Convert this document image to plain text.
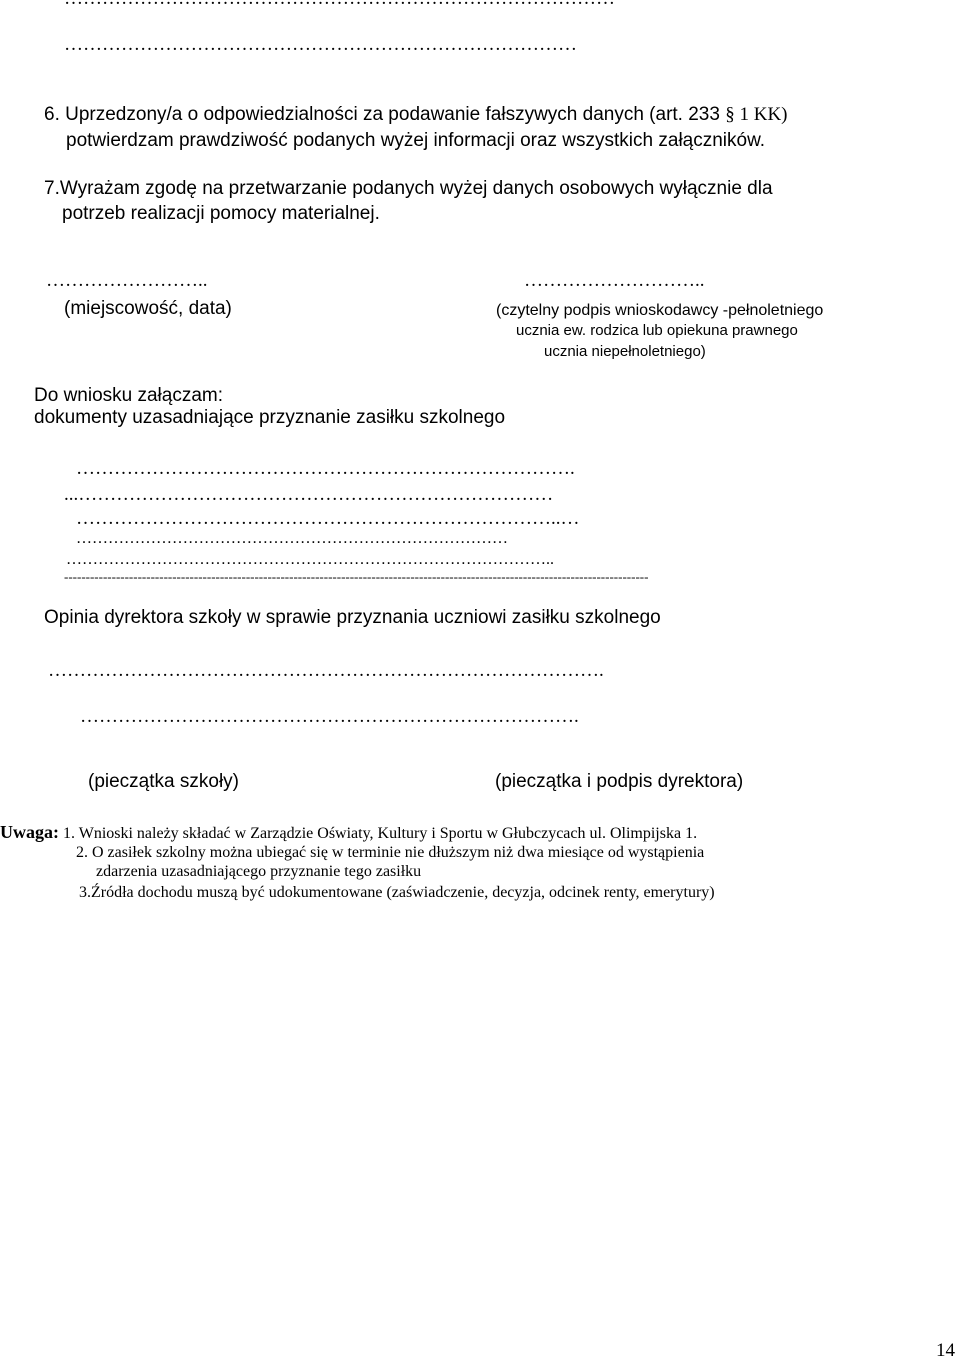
………………………………………………………………………
6. Uprzedzony/a o odpowiedzialności za podawanie fałszywych danych (art. 233 § 1 KK)
potwierdzam prawdziwość podanych wyżej informacji oraz wszystkich załączników.
7.Wyrażam zgodę na przetwarzanie podanych wyżej danych osobowych wyłącznie dla
potrzeb realizacji pomocy materialnej.
……………………..
(miejscowość, data)
………………………..
(czytelny podpis wnioskodawcy -pełnoletniego
ucznia ew. rodzica lub opiekuna prawnego
ucznia niepełnoletniego)
Do wniosku załączam:
dokumenty uzasadniające przyznanie zasiłku szkolnego
…………………………………………………………………….
...…………………………………………………………………
…………………………………………………………………..…
………………………………………………………………………
………………………………………………………………………………..
---------------------------------------------------------------------------------------------------------------------------------------
Opinia dyrektora szkoły w sprawie przyznania uczniowi zasiłku szkolnego
…………………………………………………………………………….
…………………………………………………………………….
(pieczątka szkoły)	(pieczątka i podpis dyrektora)
Uwaga: 1. Wnioski należy składać w Zarządzie Oświaty, Kultury i Sportu w Głubczycach ul. Olimpijska 1.
2. O zasiłek szkolny można ubiegać się w terminie nie dłuższym niż dwa miesiące od wystąpienia
zdarzenia uzasadniającego przyznanie tego zasiłku
3.Źródła dochodu muszą być udokumentowane (zaświadczenie, decyzja, odcinek renty, emerytury)
14
